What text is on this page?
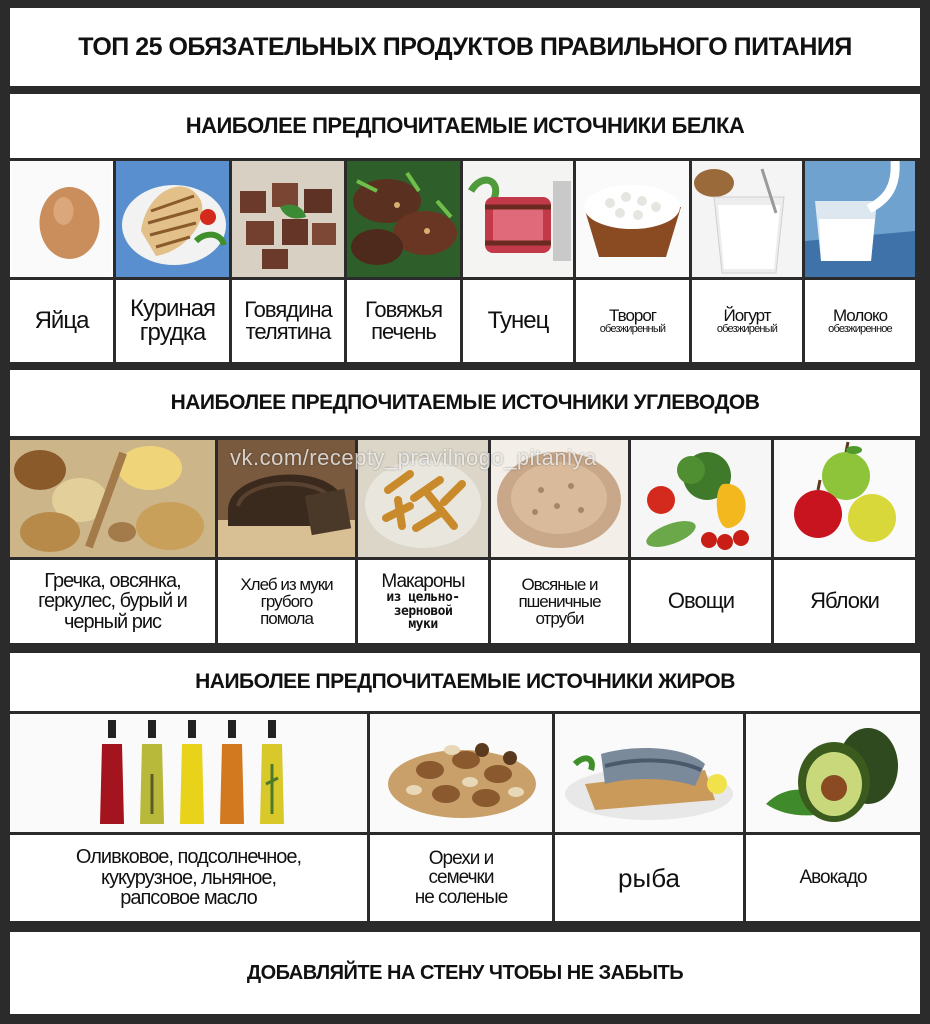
ТОП 25 ОБЯЗАТЕЛЬНЫХ ПРОДУКТОВ ПРАВИЛЬНОГО ПИТАНИЯ
НАИБОЛЕЕ ПРЕДПОЧИТАЕМЫЕ ИСТОЧНИКИ БЕЛКА
Яйца Куриная
грудка
Говядина
телятина
Говяжья
печень Тунец	Творог
обезжиренный
Йогурт
обезжиреный
Молоко
обезжиренное
НАИБОЛЕЕ ПРЕДПОЧИТАЕМЫЕ ИСТОЧНИКИ УГЛЕВОДОВ
Гречка, овсянка,
геркулес, бурый и
черный рис
Хлеб из муки
грубого
помола
Макароны
из цельно-
зерновой
муки
Овсяные и
пшеничные
отруби
Овощи	Яблоки
НАИБОЛЕЕ ПРЕДПОЧИТАЕМЫЕ ИСТОЧНИКИ ЖИРОВ
Оливковое, подсолнечное,
кукурузное, льняное,
рапсовое масло
Орехи и
семечки
не соленые
рыба	Авокадо
ДОБАВЛЯЙТЕ НА СТЕНУ ЧТОБЫ НЕ ЗАБЫТЬ
vk.com/recepty_pravilnogo_pitaniya
